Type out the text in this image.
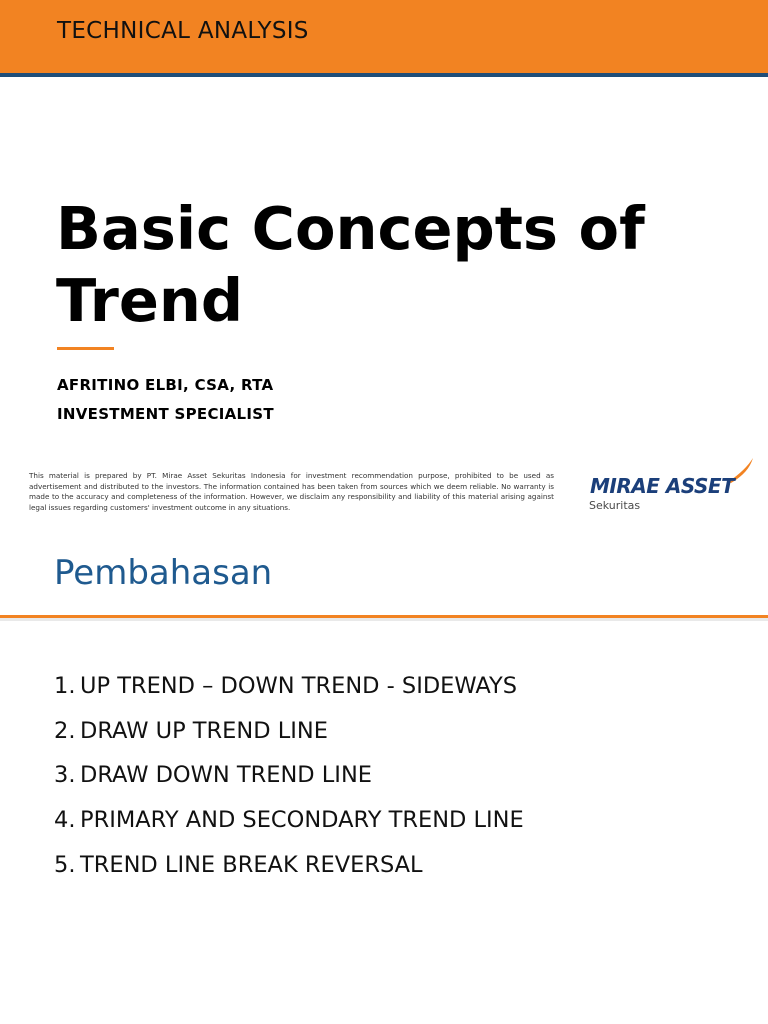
TECHNICAL ANALYSIS
Basic Concepts of
Trend
AFRITINO ELBI, CSA, RTA
INVESTMENT SPECIALIST
This material is prepared by PT. Mirae Asset Sekuritas Indonesia for investment recommendation purpose, prohibited to be used as advertisement and distributed to the investors. The information contained has been taken from sources which we deem reliable. No warranty is made to the accuracy and completeness of the information. However, we disclaim any responsibility and liability of this material arising against legal issues regarding customers' investment outcome in any situations.
MIRAE ASSET
Sekuritas
Pembahasan
1. UP TREND – DOWN TREND - SIDEWAYS
2. DRAW UP TREND LINE
3. DRAW DOWN TREND LINE
4. PRIMARY AND SECONDARY TREND LINE
5. TREND LINE BREAK REVERSAL
